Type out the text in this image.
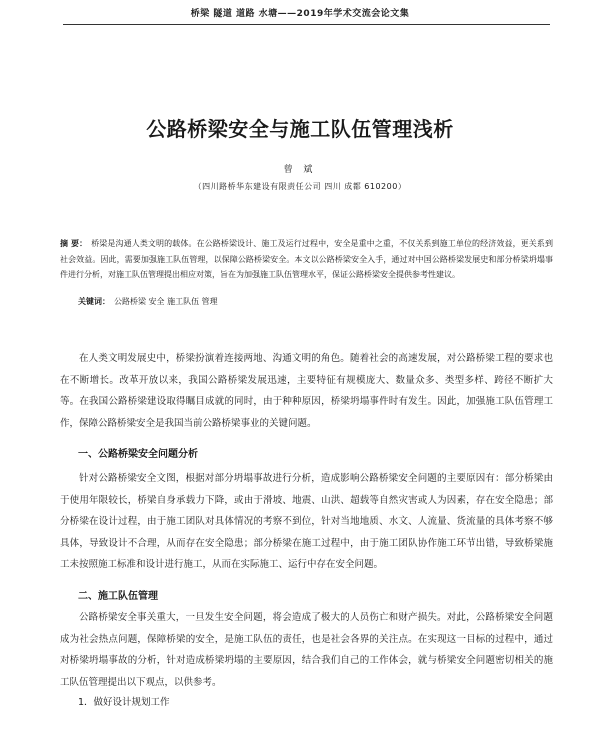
桥梁 隧道 道路 水塘——2019年学术交流会论文集
公路桥梁安全与施工队伍管理浅析
曾 斌
（四川路桥华东建设有限责任公司 四川 成都 610200）
摘 要： 桥梁是沟通人类文明的载体。在公路桥梁设计、施工及运行过程中，安全是重中之重，不仅关系到施工单位的经济效益，更关系到社会效益。因此，需要加强施工队伍管理，以保障公路桥梁安全。本文以公路桥梁安全入手，通过对中国公路桥梁发展史和部分桥梁坍塌事件进行分析，对施工队伍管理提出相应对策，旨在为加强施工队伍管理水平，保证公路桥梁安全提供参考性建议。
关键词： 公路桥梁 安全 施工队伍 管理
在人类文明发展史中，桥梁扮演着连接两地、沟通文明的角色。随着社会的高速发展，对公路桥梁工程的要求也在不断增长。改革开放以来，我国公路桥梁发展迅速，主要特征有规模庞大、数量众多、类型多样、跨径不断扩大等。在我国公路桥梁建设取得瞩目成就的同时，由于种种原因，桥梁坍塌事件时有发生。因此，加强施工队伍管理工作，保障公路桥梁安全是我国当前公路桥梁事业的关键问题。
一、公路桥梁安全问题分析
针对公路桥梁安全文图，根据对部分坍塌事故进行分析，造成影响公路桥梁安全问题的主要原因有：部分桥梁由于使用年限较长，桥梁自身承载力下降，或由于滑坡、地震、山洪、超载等自然灾害或人为因素，存在安全隐患；部分桥梁在设计过程，由于施工团队对具体情况的考察不到位，针对当地地质、水文、人流量、货流量的具体考察不够具体，导致设计不合理，从而存在安全隐患；部分桥梁在施工过程中，由于施工团队协作施工环节出错，导致桥梁施工未按照施工标准和设计进行施工，从而在实际施工、运行中存在安全问题。
二、施工队伍管理
公路桥梁安全事关重大，一旦发生安全问题，将会造成了极大的人员伤亡和财产损失。对此，公路桥梁安全问题成为社会热点问题，保障桥梁的安全，是施工队伍的责任，也是社会各界的关注点。在实现这一目标的过程中，通过对桥梁坍塌事故的分析，针对造成桥梁坍塌的主要原因，结合我们自己的工作体会，就与桥梁安全问题密切相关的施工队伍管理提出以下观点，以供参考。
1．做好设计规划工作
